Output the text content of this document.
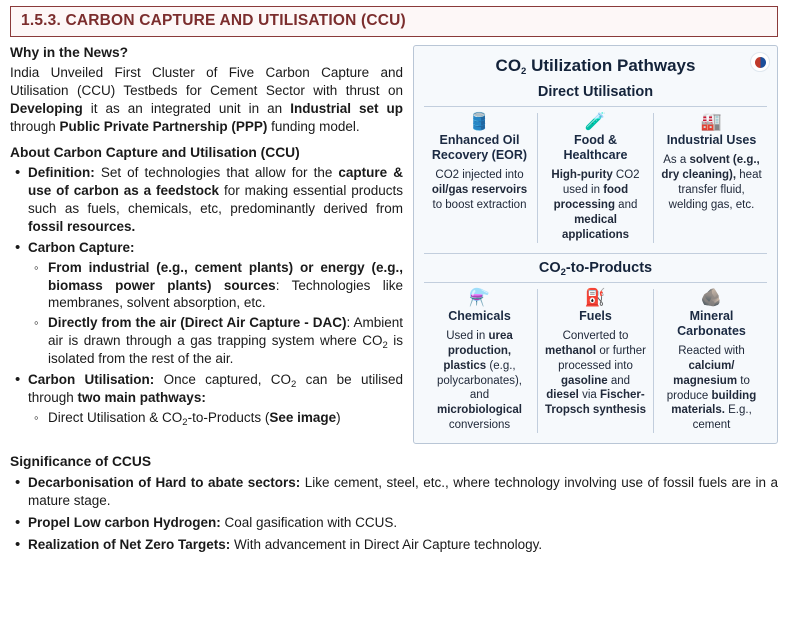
1.5.3. CARBON CAPTURE AND UTILISATION (CCU)
Why in the News?

India Unveiled First Cluster of Five Carbon Capture and Utilisation (CCU) Testbeds for Cement Sector with thrust on Developing it as an integrated unit in an Industrial set up through Public Private Partnership (PPP) funding model.

About Carbon Capture and Utilisation (CCU)
• Definition: Set of technologies that allow for the capture & use of carbon as a feedstock for making essential products such as fuels, chemicals, etc, predominantly derived from fossil resources.
• Carbon Capture:
◦ From industrial (e.g., cement plants) or energy (e.g., biomass power plants) sources: Technologies like membranes, solvent absorption, etc.
◦ Directly from the air (Direct Air Capture - DAC): Ambient air is drawn through a gas trapping system where $CO_2$ is isolated from the rest of the air.
• Carbon Utilisation: Once captured, $CO_2$ can be utilised through two main pathways:
◦ Direct Utilisation & $CO_2-to$-Products (See image)
$CO_2$ Utilization Pathways
Direct Utilisation
🛢️
Enhanced Oil Recovery (EOR)
CO2 injected into oil/gas reservoirs to boost extraction
🧪
Food & Healthcare
High-purity CO2 used in food processing and medical applications
🏭
Industrial Uses
As a solvent (e.g., dry cleaning), heat transfer fluid, welding gas, etc.
$CO_2-to$-Products
⚗️
Chemicals
Used in urea production, plastics (e.g., polycarbonates), and microbiological conversions
⛽
Fuels
Converted to methanol or further processed into gasoline and diesel via Fischer-Tropsch synthesis
🪨
Mineral Carbonates
Reacted with calcium/ magnesium to produce building materials. E.g., cement
Significance of CCUS
• Decarbonisation of Hard to abate sectors: Like cement, steel, etc., where technology involving use of fossil fuels are in a mature stage.
• Propel Low carbon Hydrogen: Coal gasification with CCUS.
• Realization of Net Zero Targets: With advancement in Direct Air Capture technology.
